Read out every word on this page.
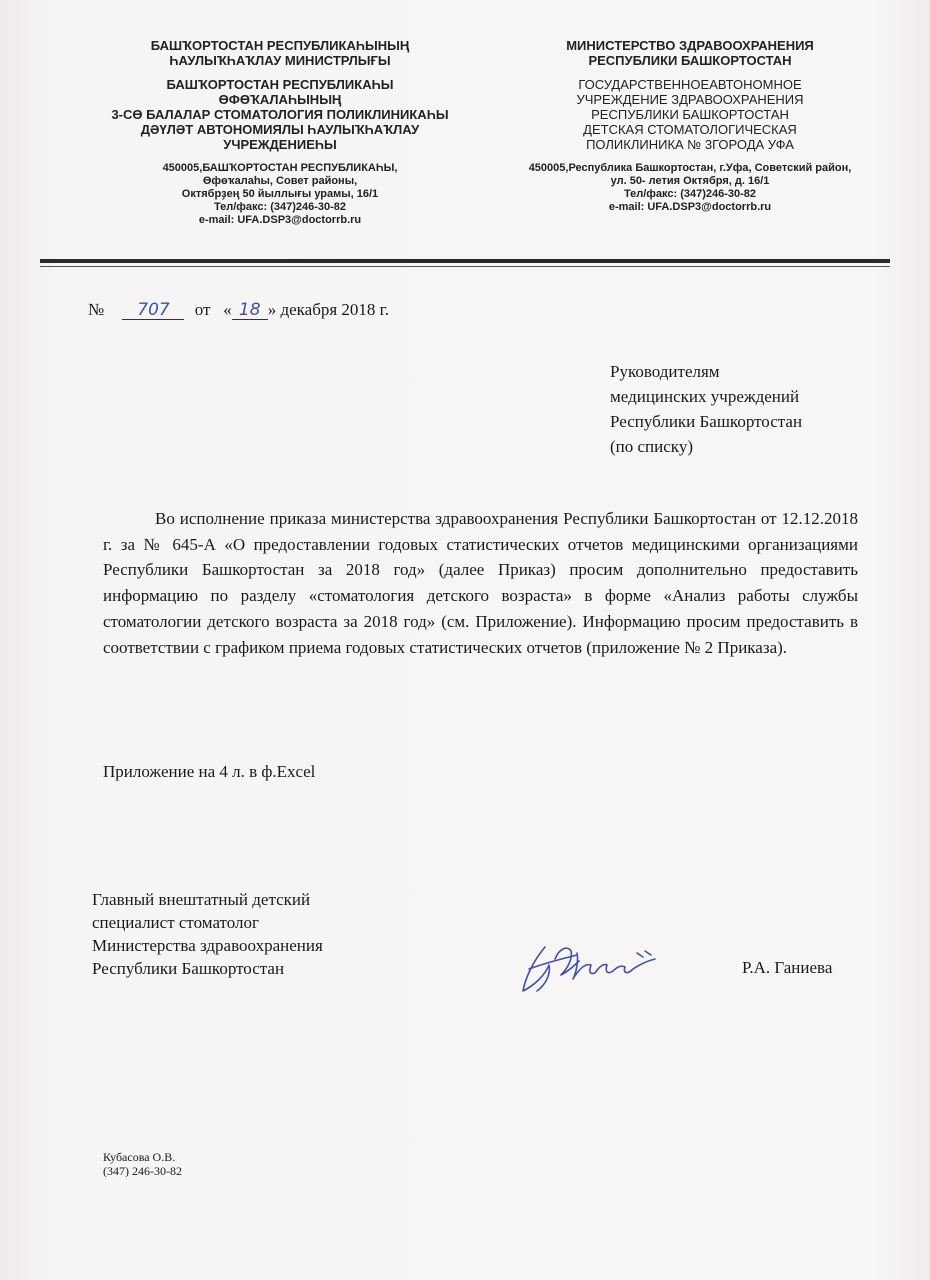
БАШҠОРТОСТАН РЕСПУБЛИКАҺЫНЫҢ
ҺАУЛЫҠҺАҠЛАУ МИНИСТРЛЫҒЫ
БАШҠОРТОСТАН РЕСПУБЛИКАҺЫ
ӨФӨҠАЛАҺЫНЫҢ
3-СӨ БАЛАЛАР СТОМАТОЛОГИЯ ПОЛИКЛИНИКАҺЫ
ДӘҮЛӘТ АВТОНОМИЯЛЫ ҺАУЛЫҠҺАҠЛАУ
УЧРЕЖДЕНИЕҺЫ
450005,БАШҠОРТОСТАН РЕСПУБЛИКАҺЫ,
Өфөҡалаһы, Совет районы,
Октябрҙең 50 йыллығы урамы, 16/1
Тел/факс: (347)246-30-82
e-mail: UFA.DSP3@doctorrb.ru
МИНИСТЕРСТВО ЗДРАВООХРАНЕНИЯ
РЕСПУБЛИКИ БАШКОРТОСТАН
ГОСУДАРСТВЕННОЕАВТОНОМНОЕ
УЧРЕЖДЕНИЕ ЗДРАВООХРАНЕНИЯ
РЕСПУБЛИКИ БАШКОРТОСТАН
ДЕТСКАЯ СТОМАТОЛОГИЧЕСКАЯ
ПОЛИКЛИНИКА № 3ГОРОДА УФА
450005,Республика Башкортостан, г.Уфа, Советский район,
ул. 50- летия Октября, д. 16/1
Тел/факс: (347)246-30-82
e-mail: UFA.DSP3@doctorrb.ru
№ 707 от « 18 » декабря 2018 г.
Руководителям
медицинских учреждений
Республики Башкортостан
(по списку)
Во исполнение приказа министерства здравоохранения Республики Башкортостан от 12.12.2018 г. за № 645-А «О предоставлении годовых статистических отчетов медицинскими организациями Республики Башкортостан за 2018 год» (далее Приказ) просим дополнительно предоставить информацию по разделу «стоматология детского возраста» в форме «Анализ работы службы стоматологии детского возраста за 2018 год» (см. Приложение). Информацию просим предоставить в соответствии с графиком приема годовых статистических отчетов (приложение № 2 Приказа).
Приложение на 4 л. в ф.Excel
Главный внештатный детский
специалист стоматолог
Министерства здравоохранения
Республики Башкортостан	Р.А. Ганиева
Кубасова О.В.
(347) 246-30-82
